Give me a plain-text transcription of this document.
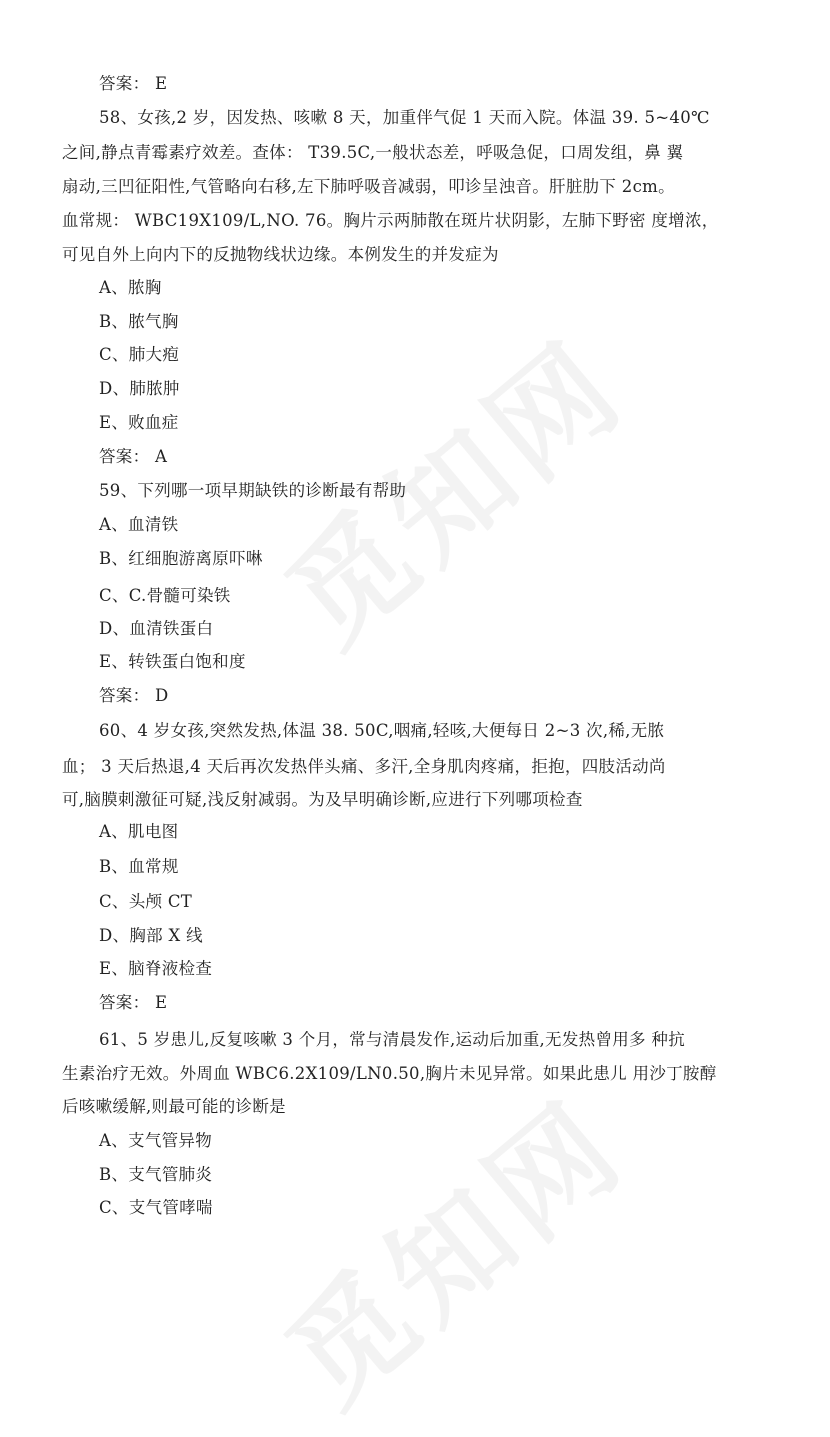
答案： E
58、女孩,2 岁，因发热、咳嗽 8 天，加重伴气促 1 天而入院。体温 39. 5~40℃
之间,静点青霉素疗效差。查体： T39.5C,一般状态差，呼吸急促，口周发组，鼻 翼
扇动,三凹征阳性,气管略向右移,左下肺呼吸音减弱，叩诊呈浊音。肝脏肋下 2cm。
血常规： WBC19X109/L,NO. 76。胸片示两肺散在斑片状阴影，左肺下野密 度增浓，
可见自外上向内下的反抛物线状边缘。本例发生的并发症为
A、脓胸
B、脓气胸
C、肺大疱
D、肺脓肿
E、败血症
答案： A
59、下列哪一项早期缺铁的诊断最有帮助
A、血清铁
B、红细胞游离原吓啉
C、C.骨髓可染铁
D、血清铁蛋白
E、转铁蛋白饱和度
答案： D
60、4 岁女孩,突然发热,体温 38. 50C,咽痛,轻咳,大便每日 2~3 次,稀,无脓
血； 3 天后热退,4 天后再次发热伴头痛、多汗,全身肌肉疼痛，拒抱，四肢活动尚
可,脑膜刺激征可疑,浅反射减弱。为及早明确诊断,应进行下列哪项检查
A、肌电图
B、血常规
C、头颅 CT
D、胸部 X 线
E、脑脊液检查
答案： E
61、5 岁患儿,反复咳嗽 3 个月，常与清晨发作,运动后加重,无发热曾用多 种抗
生素治疗无效。外周血 WBC6.2X109/LN0.50,胸片未见异常。如果此患儿 用沙丁胺醇
后咳嗽缓解,则最可能的诊断是
A、支气管异物
B、支气管肺炎
C、支气管哮喘
